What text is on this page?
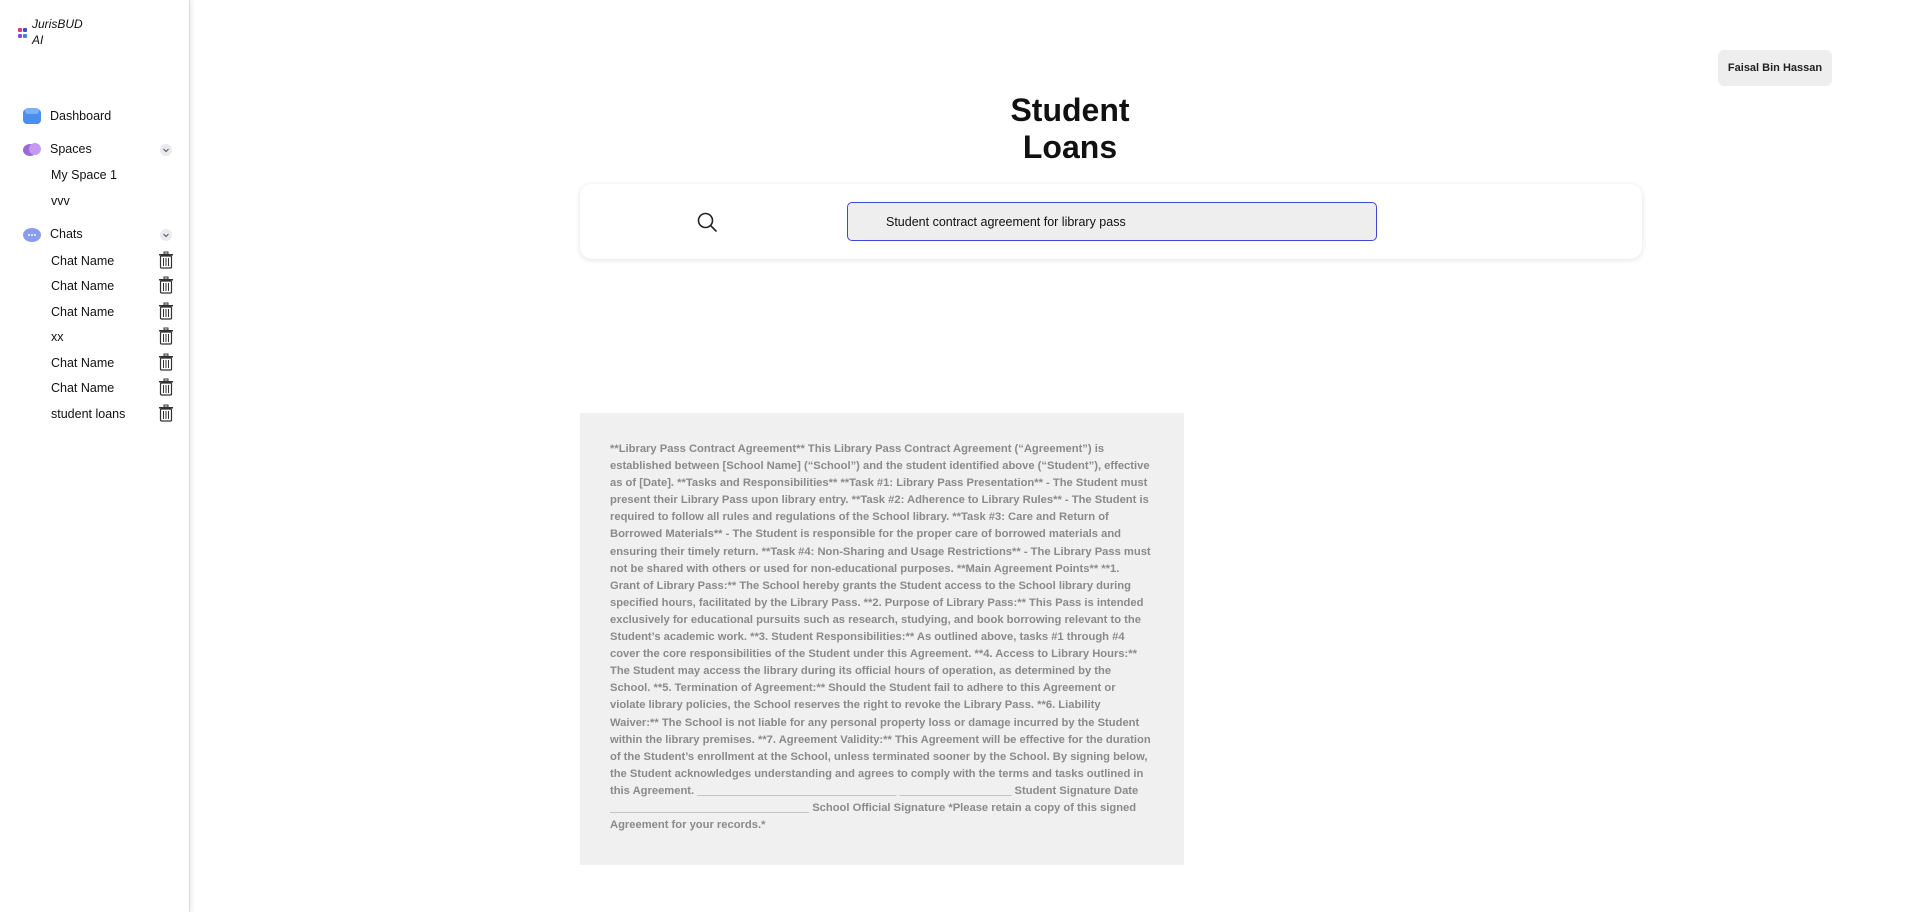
JurisBUD AI
Dashboard
Spaces
My Space 1
vvv
Chats
Chat Name
Chat Name
Chat Name
xx
Chat Name
Chat Name
student loans
Faisal Bin Hassan
Student Loans
Student contract agreement for library pass

**Library Pass Contract Agreement** This Library Pass Contract Agreement (“Agreement”) is established between [School Name] (“School”) and the student identified above (“Student”), effective as of [Date]. **Tasks and Responsibilities** **Task #1: Library Pass Presentation** - The Student must present their Library Pass upon library entry. **Task #2: Adherence to Library Rules** - The Student is required to follow all rules and regulations of the School library. **Task #3: Care and Return of Borrowed Materials** - The Student is responsible for the proper care of borrowed materials and ensuring their timely return. **Task #4: Non-Sharing and Usage Restrictions** - The Library Pass must not be shared with others or used for non-educational purposes. **Main Agreement Points** **1. Grant of Library Pass:** The School hereby grants the Student access to the School library during specified hours, facilitated by the Library Pass. **2. Purpose of Library Pass:** This Pass is intended exclusively for educational pursuits such as research, studying, and book borrowing relevant to the Student’s academic work. **3. Student Responsibilities:** As outlined above, tasks #1 through #4 cover the core responsibilities of the Student under this Agreement. **4. Access to Library Hours:** The Student may access the library during its official hours of operation, as determined by the School. **5. Termination of Agreement:** Should the Student fail to adhere to this Agreement or violate library policies, the School reserves the right to revoke the Library Pass. **6. Liability Waiver:** The School is not liable for any personal property loss or damage incurred by the Student within the library premises. **7. Agreement Validity:** This Agreement will be effective for the duration of the Student’s enrollment at the School, unless terminated sooner by the School. By signing below, the Student acknowledges understanding and agrees to comply with the terms and tasks outlined in this Agreement. ________________________________ __________________ Student Signature Date ________________________________ School Official Signature *Please retain a copy of this signed Agreement for your records.*
